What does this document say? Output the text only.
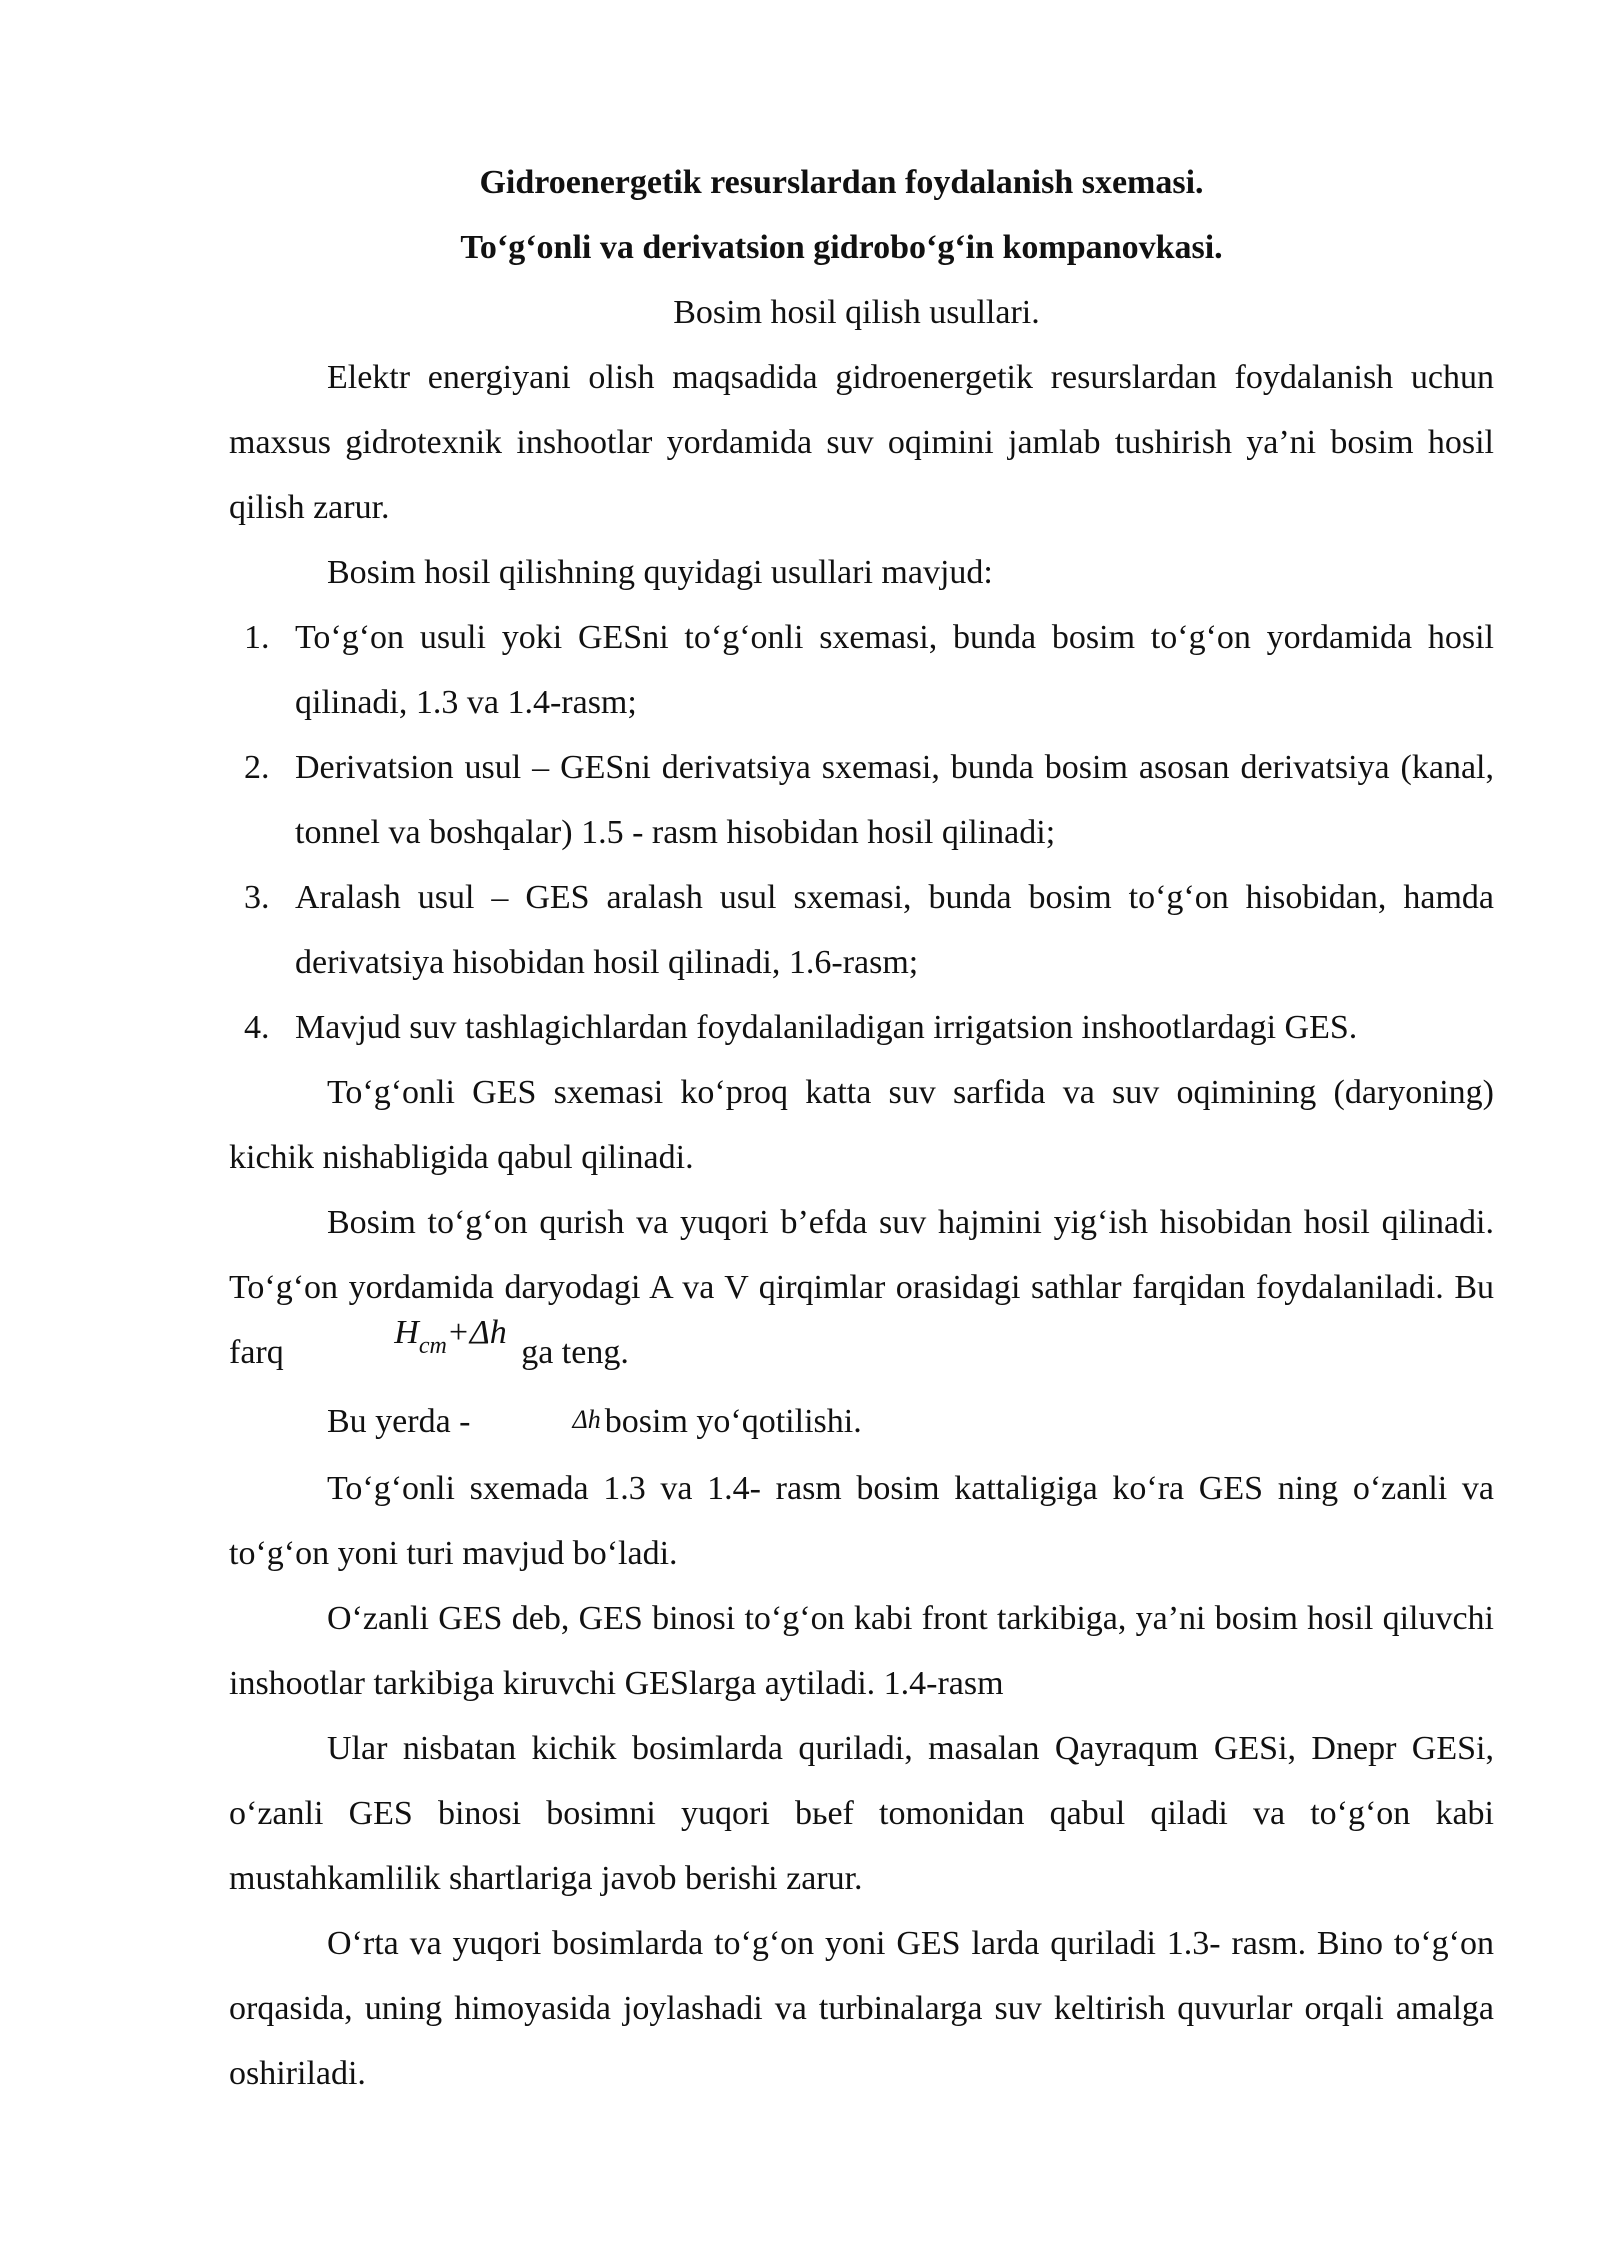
Gidroenergetik resurslardan foydalanish sxemasi.

To‘g‘onli va derivatsion gidrobo‘g‘in kompanovkasi.

Bosim hosil qilish usullari.

Elektr energiyani olish maqsadida gidroenergetik resurslardan foydalanish uchun maxsus gidrotexnik inshootlar yordamida suv oqimini jamlab tushirish ya’ni bosim hosil qilish zarur.

Bosim hosil qilishning quyidagi usullari mavjud:

1. To‘g‘on usuli yoki GESni to‘g‘onli sxemasi, bunda bosim to‘g‘on yordamida hosil qilinadi, 1.3 va 1.4-rasm;
2. Derivatsion usul – GESni derivatsiya sxemasi, bunda bosim asosan derivatsiya (kanal, tonnel va boshqalar) 1.5 - rasm hisobidan hosil qilinadi;
3. Aralash usul – GES aralash usul sxemasi, bunda bosim to‘g‘on hisobidan, hamda derivatsiya hisobidan hosil qilinadi, 1.6-rasm;
4. Mavjud suv tashlagichlardan foydalaniladigan irrigatsion inshootlardagi GES.

To‘g‘onli GES sxemasi ko‘proq katta suv sarfida va suv oqimining (daryoning) kichik nishabligida qabul qilinadi.

Bosim to‘g‘on qurish va yuqori b’efda suv hajmini yig‘ish hisobidan hosil qilinadi. To‘g‘on yordamida daryodagi A va V qirqimlar orasidagi sathlar farqidan foydalaniladi. Bu farq $H_{cm}+\Delta h$ ga teng.

Bu yerda -	Δh bosim yo‘qotilishi.

To‘g‘onli sxemada 1.3 va 1.4- rasm bosim kattaligiga ko‘ra GES ning o‘zanli va to‘g‘on yoni turi mavjud bo‘ladi.

O‘zanli GES deb, GES binosi to‘g‘on kabi front tarkibiga, ya’ni bosim hosil qiluvchi inshootlar tarkibiga kiruvchi GESlarga aytiladi. 1.4-rasm

Ular nisbatan kichik bosimlarda quriladi, masalan Qayraqum GESi, Dnepr GESi, o‘zanli GES binosi bosimni yuqori bьef tomonidan qabul qiladi va to‘g‘on kabi mustahkamlilik shartlariga javob berishi zarur.

O‘rta va yuqori bosimlarda to‘g‘on yoni GES larda quriladi 1.3- rasm. Bino to‘g‘on orqasida, uning himoyasida joylashadi va turbinalarga suv keltirish quvurlar orqali amalga oshiriladi.
